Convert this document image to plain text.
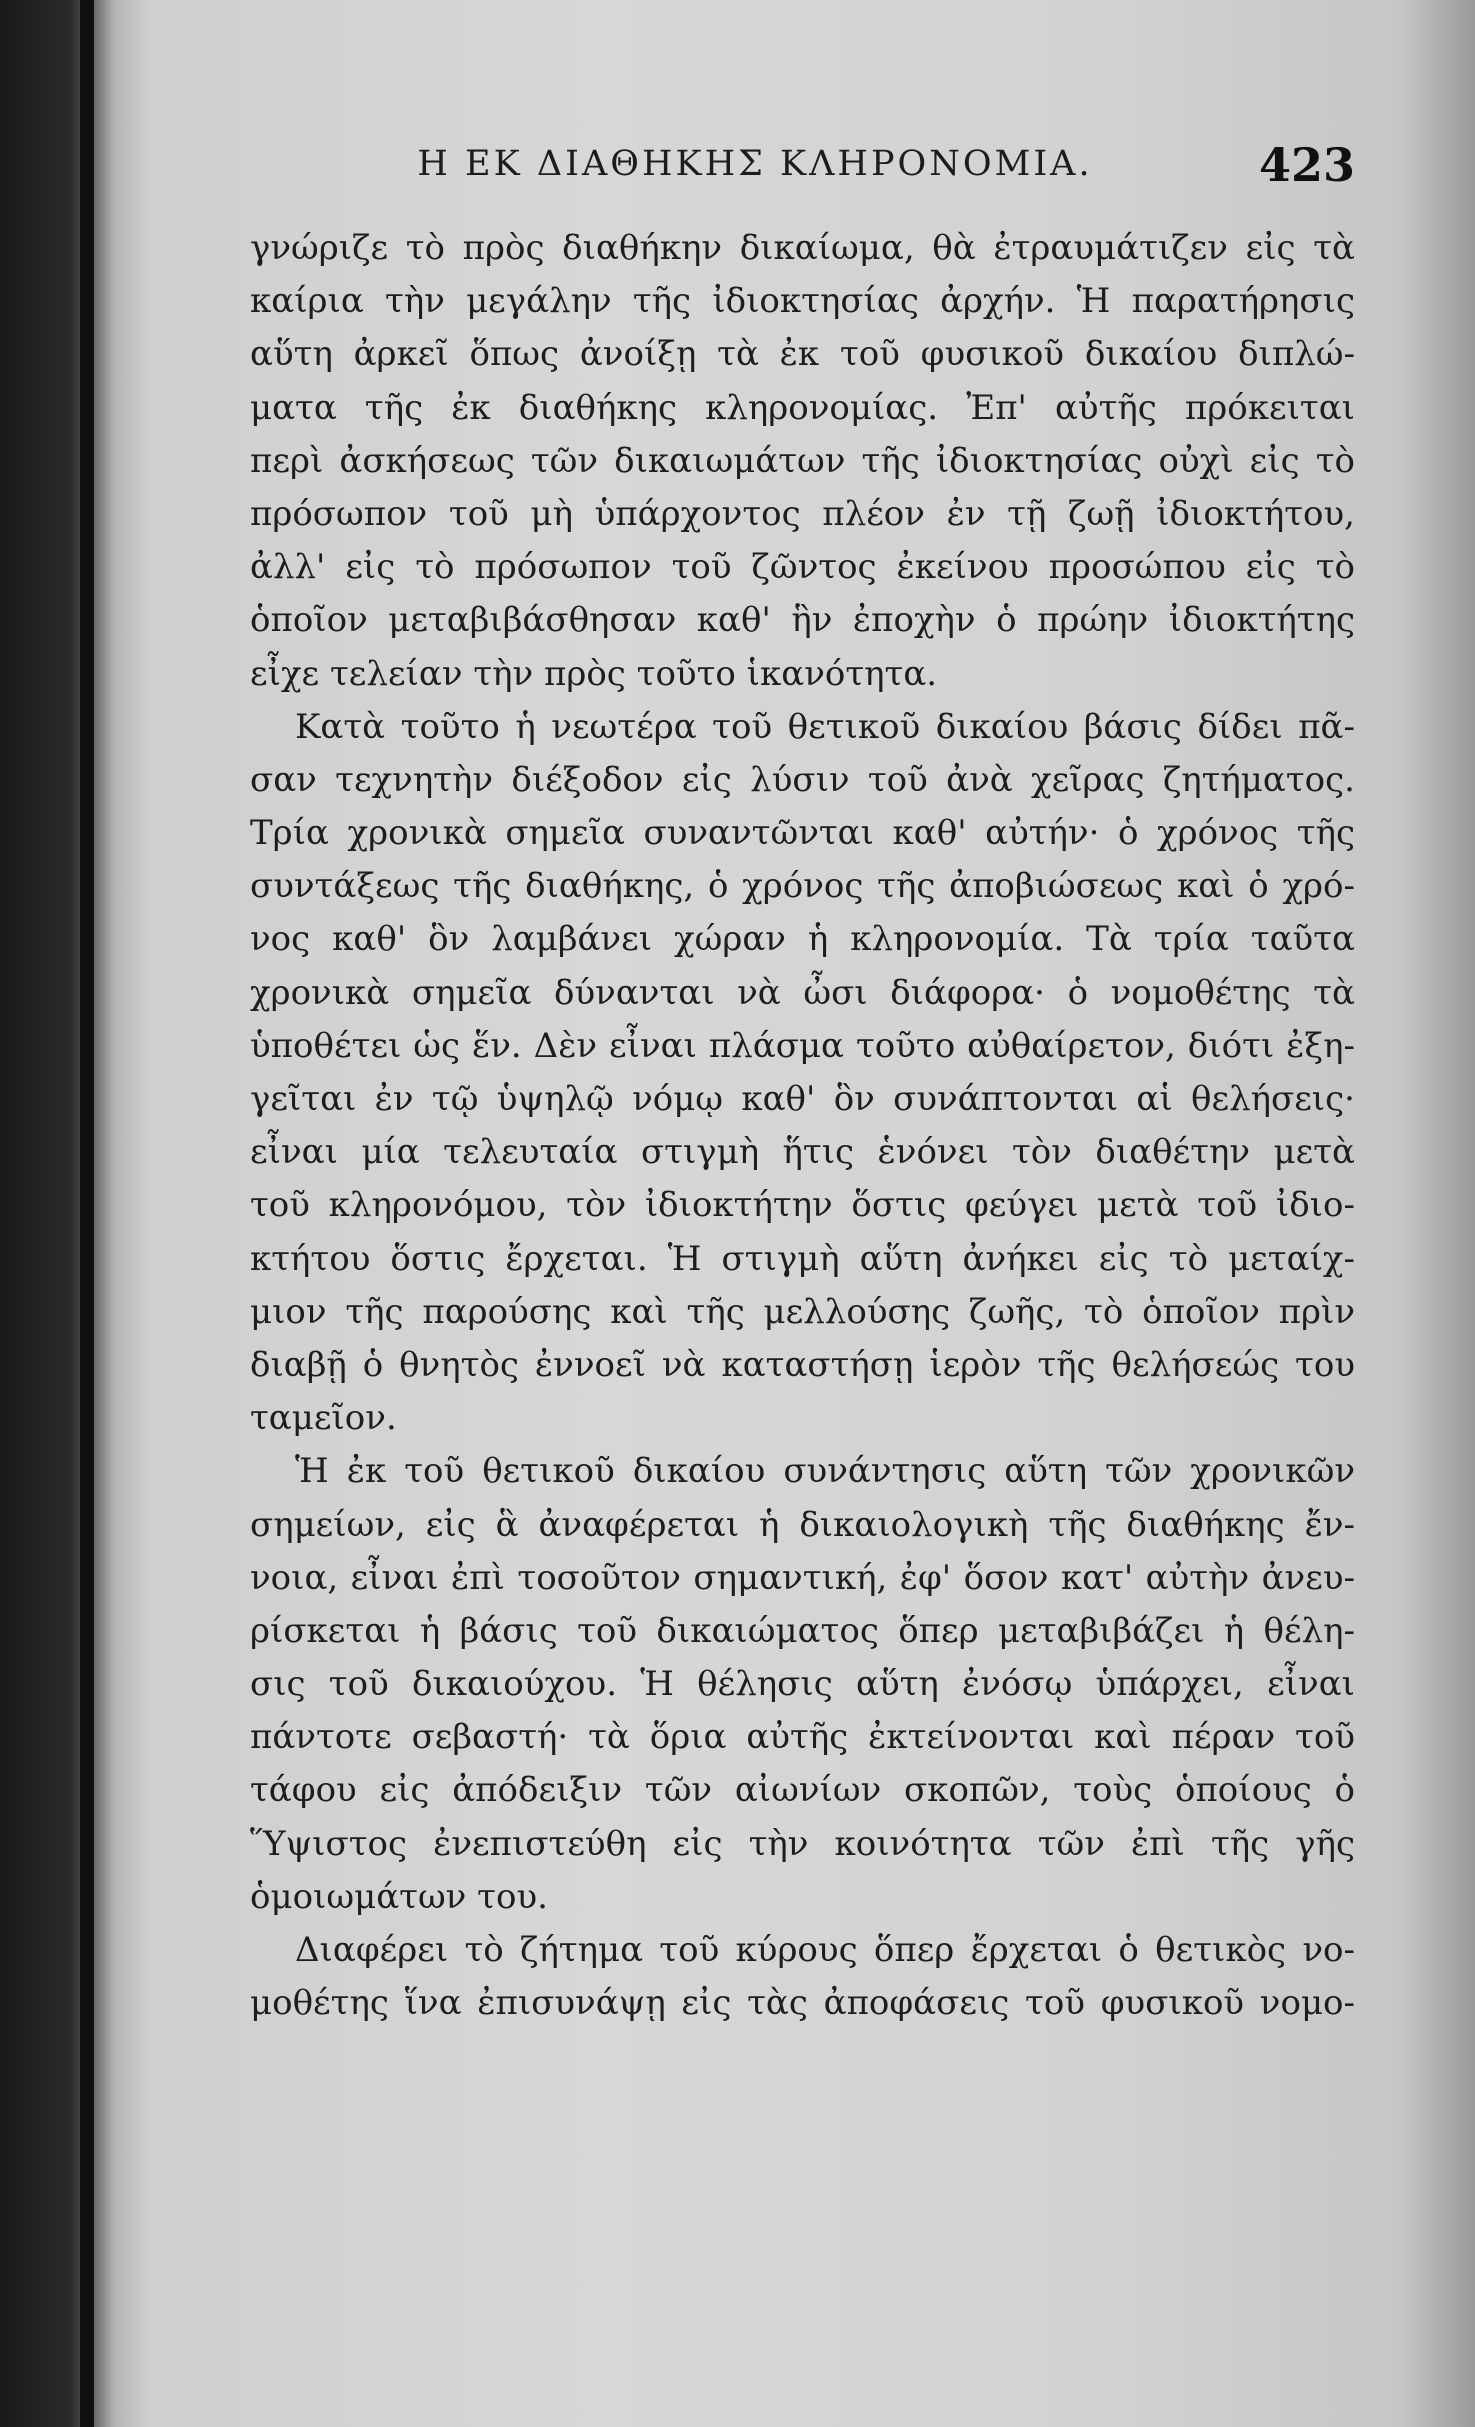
Η ΕΚ ΔΙΑΘΗΚΗΣ ΚΛΗΡΟΝΟΜΙΑ.	423
γνώριζε τὸ πρὸς διαθήκην δικαίωμα, θὰ ἐτραυμάτιζεν εἰς τὰ
καίρια τὴν μεγάλην τῆς ἰδιοκτησίας ἀρχήν. Ἡ παρατήρησις
αὕτη ἀρκεῖ ὅπως ἀνοίξῃ τὰ ἐκ τοῦ φυσικοῦ δικαίου διπλώ-
ματα τῆς ἐκ διαθήκης κληρονομίας. Ἐπ' αὐτῆς πρόκειται
περὶ ἀσκήσεως τῶν δικαιωμάτων τῆς ἰδιοκτησίας οὐχὶ εἰς τὸ
πρόσωπον τοῦ μὴ ὑπάρχοντος πλέον ἐν τῇ ζωῇ ἰδιοκτήτου,
ἀλλ' εἰς τὸ πρόσωπον τοῦ ζῶντος ἐκείνου προσώπου εἰς τὸ
ὁποῖον μεταβιβάσθησαν καθ' ἣν ἐποχὴν ὁ πρώην ἰδιοκτήτης
εἶχε τελείαν τὴν πρὸς τοῦτο ἱκανότητα.
Κατὰ τοῦτο ἡ νεωτέρα τοῦ θετικοῦ δικαίου βάσις δίδει πᾶ-
σαν τεχνητὴν διέξοδον εἰς λύσιν τοῦ ἀνὰ χεῖρας ζητήματος.
Τρία χρονικὰ σημεῖα συναντῶνται καθ' αὐτήν· ὁ χρόνος τῆς
συντάξεως τῆς διαθήκης, ὁ χρόνος τῆς ἀποβιώσεως καὶ ὁ χρό-
νος καθ' ὃν λαμβάνει χώραν ἡ κληρονομία. Τὰ τρία ταῦτα
χρονικὰ σημεῖα δύνανται νὰ ὦσι διάφορα· ὁ νομοθέτης τὰ
ὑποθέτει ὡς ἕν. Δὲν εἶναι πλάσμα τοῦτο αὐθαίρετον, διότι ἐξη-
γεῖται ἐν τῷ ὑψηλῷ νόμῳ καθ' ὃν συνάπτονται αἱ θελήσεις·
εἶναι μία τελευταία στιγμὴ ἥτις ἑνόνει τὸν διαθέτην μετὰ
τοῦ κληρονόμου, τὸν ἰδιοκτήτην ὅστις φεύγει μετὰ τοῦ ἰδιο-
κτήτου ὅστις ἔρχεται. Ἡ στιγμὴ αὕτη ἀνήκει εἰς τὸ μεταίχ-
μιον τῆς παρούσης καὶ τῆς μελλούσης ζωῆς, τὸ ὁποῖον πρὶν
διαβῇ ὁ θνητὸς ἐννοεῖ νὰ καταστήσῃ ἱερὸν τῆς θελήσεώς του
ταμεῖον.
Ἡ ἐκ τοῦ θετικοῦ δικαίου συνάντησις αὕτη τῶν χρονικῶν
σημείων, εἰς ἃ ἀναφέρεται ἡ δικαιολογικὴ τῆς διαθήκης ἔν-
νοια, εἶναι ἐπὶ τοσοῦτον σημαντική, ἐφ' ὅσον κατ' αὐτὴν ἀνευ-
ρίσκεται ἡ βάσις τοῦ δικαιώματος ὅπερ μεταβιβάζει ἡ θέλη-
σις τοῦ δικαιούχου. Ἡ θέλησις αὕτη ἐνόσῳ ὑπάρχει, εἶναι
πάντοτε σεβαστή· τὰ ὅρια αὐτῆς ἐκτείνονται καὶ πέραν τοῦ
τάφου εἰς ἀπόδειξιν τῶν αἰωνίων σκοπῶν, τοὺς ὁποίους ὁ
Ὕψιστος ἐνεπιστεύθη εἰς τὴν κοινότητα τῶν ἐπὶ τῆς γῆς
ὁμοιωμάτων του.
Διαφέρει τὸ ζήτημα τοῦ κύρους ὅπερ ἔρχεται ὁ θετικὸς νο-
μοθέτης ἵνα ἐπισυνάψῃ εἰς τὰς ἀποφάσεις τοῦ φυσικοῦ νομο-
